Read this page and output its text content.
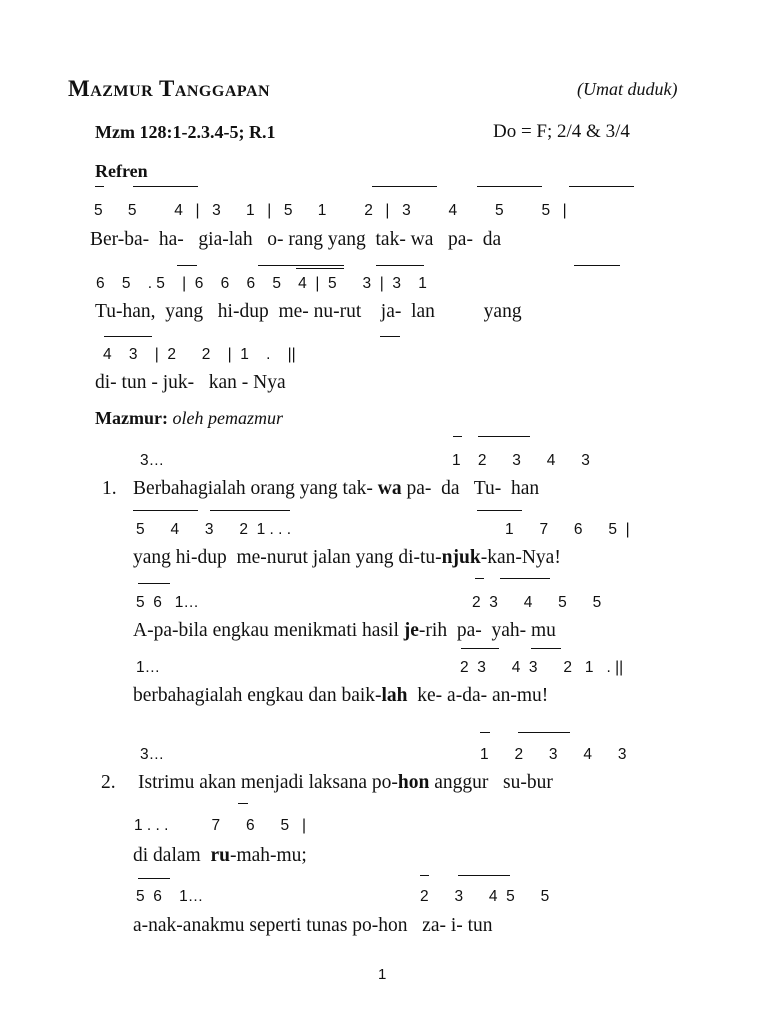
Mazmur Tanggapan	(Umat duduk)
Mzm 128:1-2.3.4-5; R.1	Do = F; 2/4 & 3/4
Refren
5    5      4  |  3    1  |  5    1      2  |  3      4      5      5  |
Ber-ba-  ha-   gia-lah   o- rang yang  tak- wa   pa-  da
6    5    . 5    |  6    6    6    5    4  |  5      3  |  3    1
Tu-han,  yang   hi-dup  me- nu-rut    ja-  lan          yang
4    3    |  2      2    |  1    .    ||
di- tun - juk-   kan - Nya
Mazmur: oleh pemazmur
3…	1    2      3      4      3
1. Berbahagialah orang yang tak- wa pa-  da   Tu-  han
5      4      3      2  1 . . .	1      7      6      5  |
yang hi-dup  me-nurut jalan yang di-tu-njuk-kan-Nya!
5  6   1…	2  3      4      5      5
A-pa-bila engkau menikmati hasil je-rih  pa-  yah- mu
1…	2  3      4  3      2   1   . ||
berbahagialah engkau dan baik-lah  ke- a-da- an-mu!
3…	1      2      3      4      3
2. Istrimu akan menjadi laksana po-hon anggur   su-bur
1 . . .          7      6      5   |
di dalam  ru-mah-mu;
5  6    1…	2      3      4  5      5
a-nak-anakmu seperti tunas po-hon   za- i- tun
1
